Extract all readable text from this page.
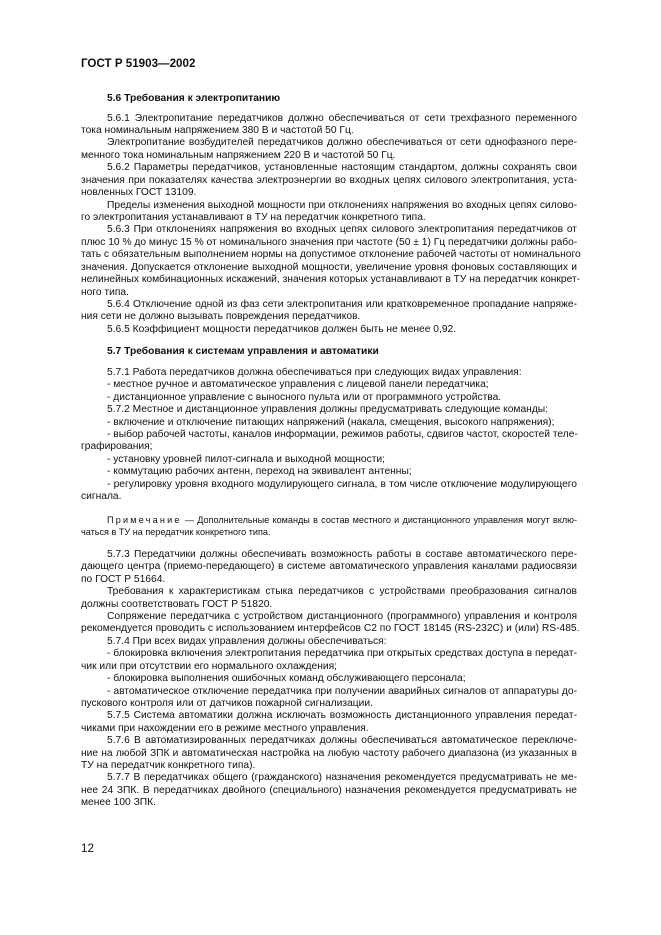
ГОСТ Р 51903—2002
5.6 Требования к электропитанию
5.6.1 Электропитание передатчиков должно обеспечиваться от сети трехфазного переменного
тока номинальным напряжением 380 В и частотой 50 Гц.
Электропитание возбудителей передатчиков должно обеспечиваться от сети однофазного пере-
менного тока номинальным напряжением 220 В и частотой 50 Гц.
5.6.2 Параметры передатчиков, установленные настоящим стандартом, должны сохранять свои
значения при показателях качества электроэнергии во входных цепях силового электропитания, уста-
новленных ГОСТ 13109.
Пределы изменения выходной мощности при отклонениях напряжения во входных цепях силово-
го электропитания устанавливают в ТУ на передатчик конкретного типа.
5.6.3 При отклонениях напряжения во входных цепях силового электропитания передатчиков от
плюс 10 % до минус 15 % от номинального значения при частоте (50 ± 1) Гц передатчики должны рабо-
тать с обязательным выполнением нормы на допустимое отклонение рабочей частоты от номинального
значения. Допускается отклонение выходной мощности, увеличение уровня фоновых составляющих и
нелинейных комбинационных искажений, значения которых устанавливают в ТУ на передатчик конкрет-
ного типа.
5.6.4 Отключение одной из фаз сети электропитания или кратковременное пропадание напряже-
ния сети не должно вызывать повреждения передатчиков.
5.6.5 Коэффициент мощности передатчиков должен быть не менее 0,92.
5.7 Требования к системам управления и автоматики
5.7.1 Работа передатчиков должна обеспечиваться при следующих видах управления:
- местное ручное и автоматическое управления с лицевой панели передатчика;
- дистанционное управление с выносного пульта или от программного устройства.
5.7.2 Местное и дистанционное управления должны предусматривать следующие команды:
- включение и отключение питающих напряжений (накала, смещения, высокого напряжения);
- выбор рабочей частоты, каналов информации, режимов работы, сдвигов частот, скоростей теле-
графирования;
- установку уровней пилот-сигнала и выходной мощности;
- коммутацию рабочих антенн, переход на эквивалент антенны;
- регулировку уровня входного модулирующего сигнала, в том числе отключение модулирующего
сигнала.
Примечание — Дополнительные команды в состав местного и дистанционного управления могут вклю-
чаться в ТУ на передатчик конкретного типа.
5.7.3 Передатчики должны обеспечивать возможность работы в составе автоматического пере-
дающего центра (приемо-передающего) в системе автоматического управления каналами радиосвязи
по ГОСТ Р 51664.
Требования к характеристикам стыка передатчиков с устройствами преобразования сигналов
должны соответствовать ГОСТ Р 51820.
Сопряжение передатчика с устройством дистанционного (программного) управления и контроля
рекомендуется проводить с использованием интерфейсов С2 по ГОСТ 18145 (RS-232C) и (или) RS-485.
5.7.4 При всех видах управления должны обеспечиваться:
- блокировка включения электропитания передатчика при открытых средствах доступа в передат-
чик или при отсутствии его нормального охлаждения;
- блокировка выполнения ошибочных команд обслуживающего персонала;
- автоматическое отключение передатчика при получении аварийных сигналов от аппаратуры до-
пускового контроля или от датчиков пожарной сигнализации.
5.7.5 Система автоматики должна исключать возможность дистанционного управления передат-
чиками при нахождении его в режиме местного управления.
5.7.6 В автоматизированных передатчиках должны обеспечиваться автоматическое переключе-
ние на любой ЗПК и автоматическая настройка на любую частоту рабочего диапазона (из указанных в
ТУ на передатчик конкретного типа).
5.7.7 В передатчиках общего (гражданского) назначения рекомендуется предусматривать не ме-
нее 24 ЗПК. В передатчиках двойного (специального) назначения рекомендуется предусматривать не
менее 100 ЗПК.
12
